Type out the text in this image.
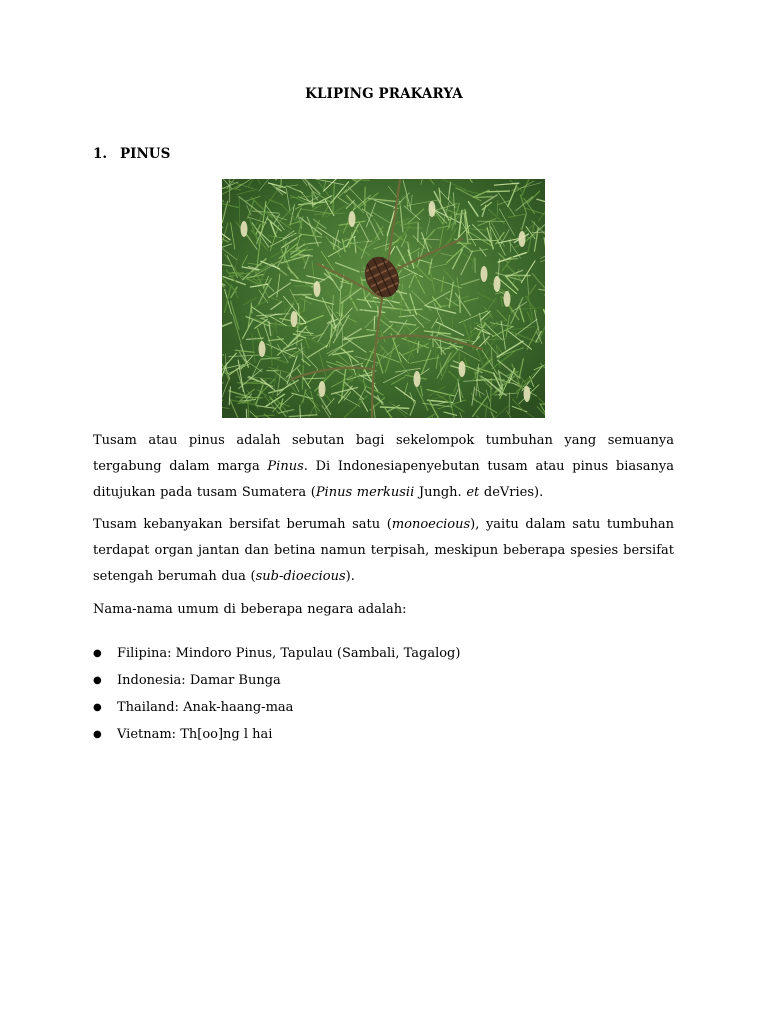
KLIPING PRAKARYA
1. PINUS

Tusam atau pinus adalah sebutan bagi sekelompok tumbuhan yang semuanya tergabung dalam marga Pinus. Di Indonesiapenyebutan tusam atau pinus biasanya ditujukan pada tusam Sumatera (Pinus merkusii Jungh. et deVries).

Tusam kebanyakan bersifat berumah satu (monoecious), yaitu dalam satu tumbuhan terdapat organ jantan dan betina namun terpisah, meskipun beberapa spesies bersifat setengah berumah dua (sub-dioecious).

Nama-nama umum di beberapa negara adalah:

● Filipina: Mindoro Pinus, Tapulau (Sambali, Tagalog)
● Indonesia: Damar Bunga
● Thailand: Anak-haang-maa
● Vietnam: Th[oo]ng l hai
